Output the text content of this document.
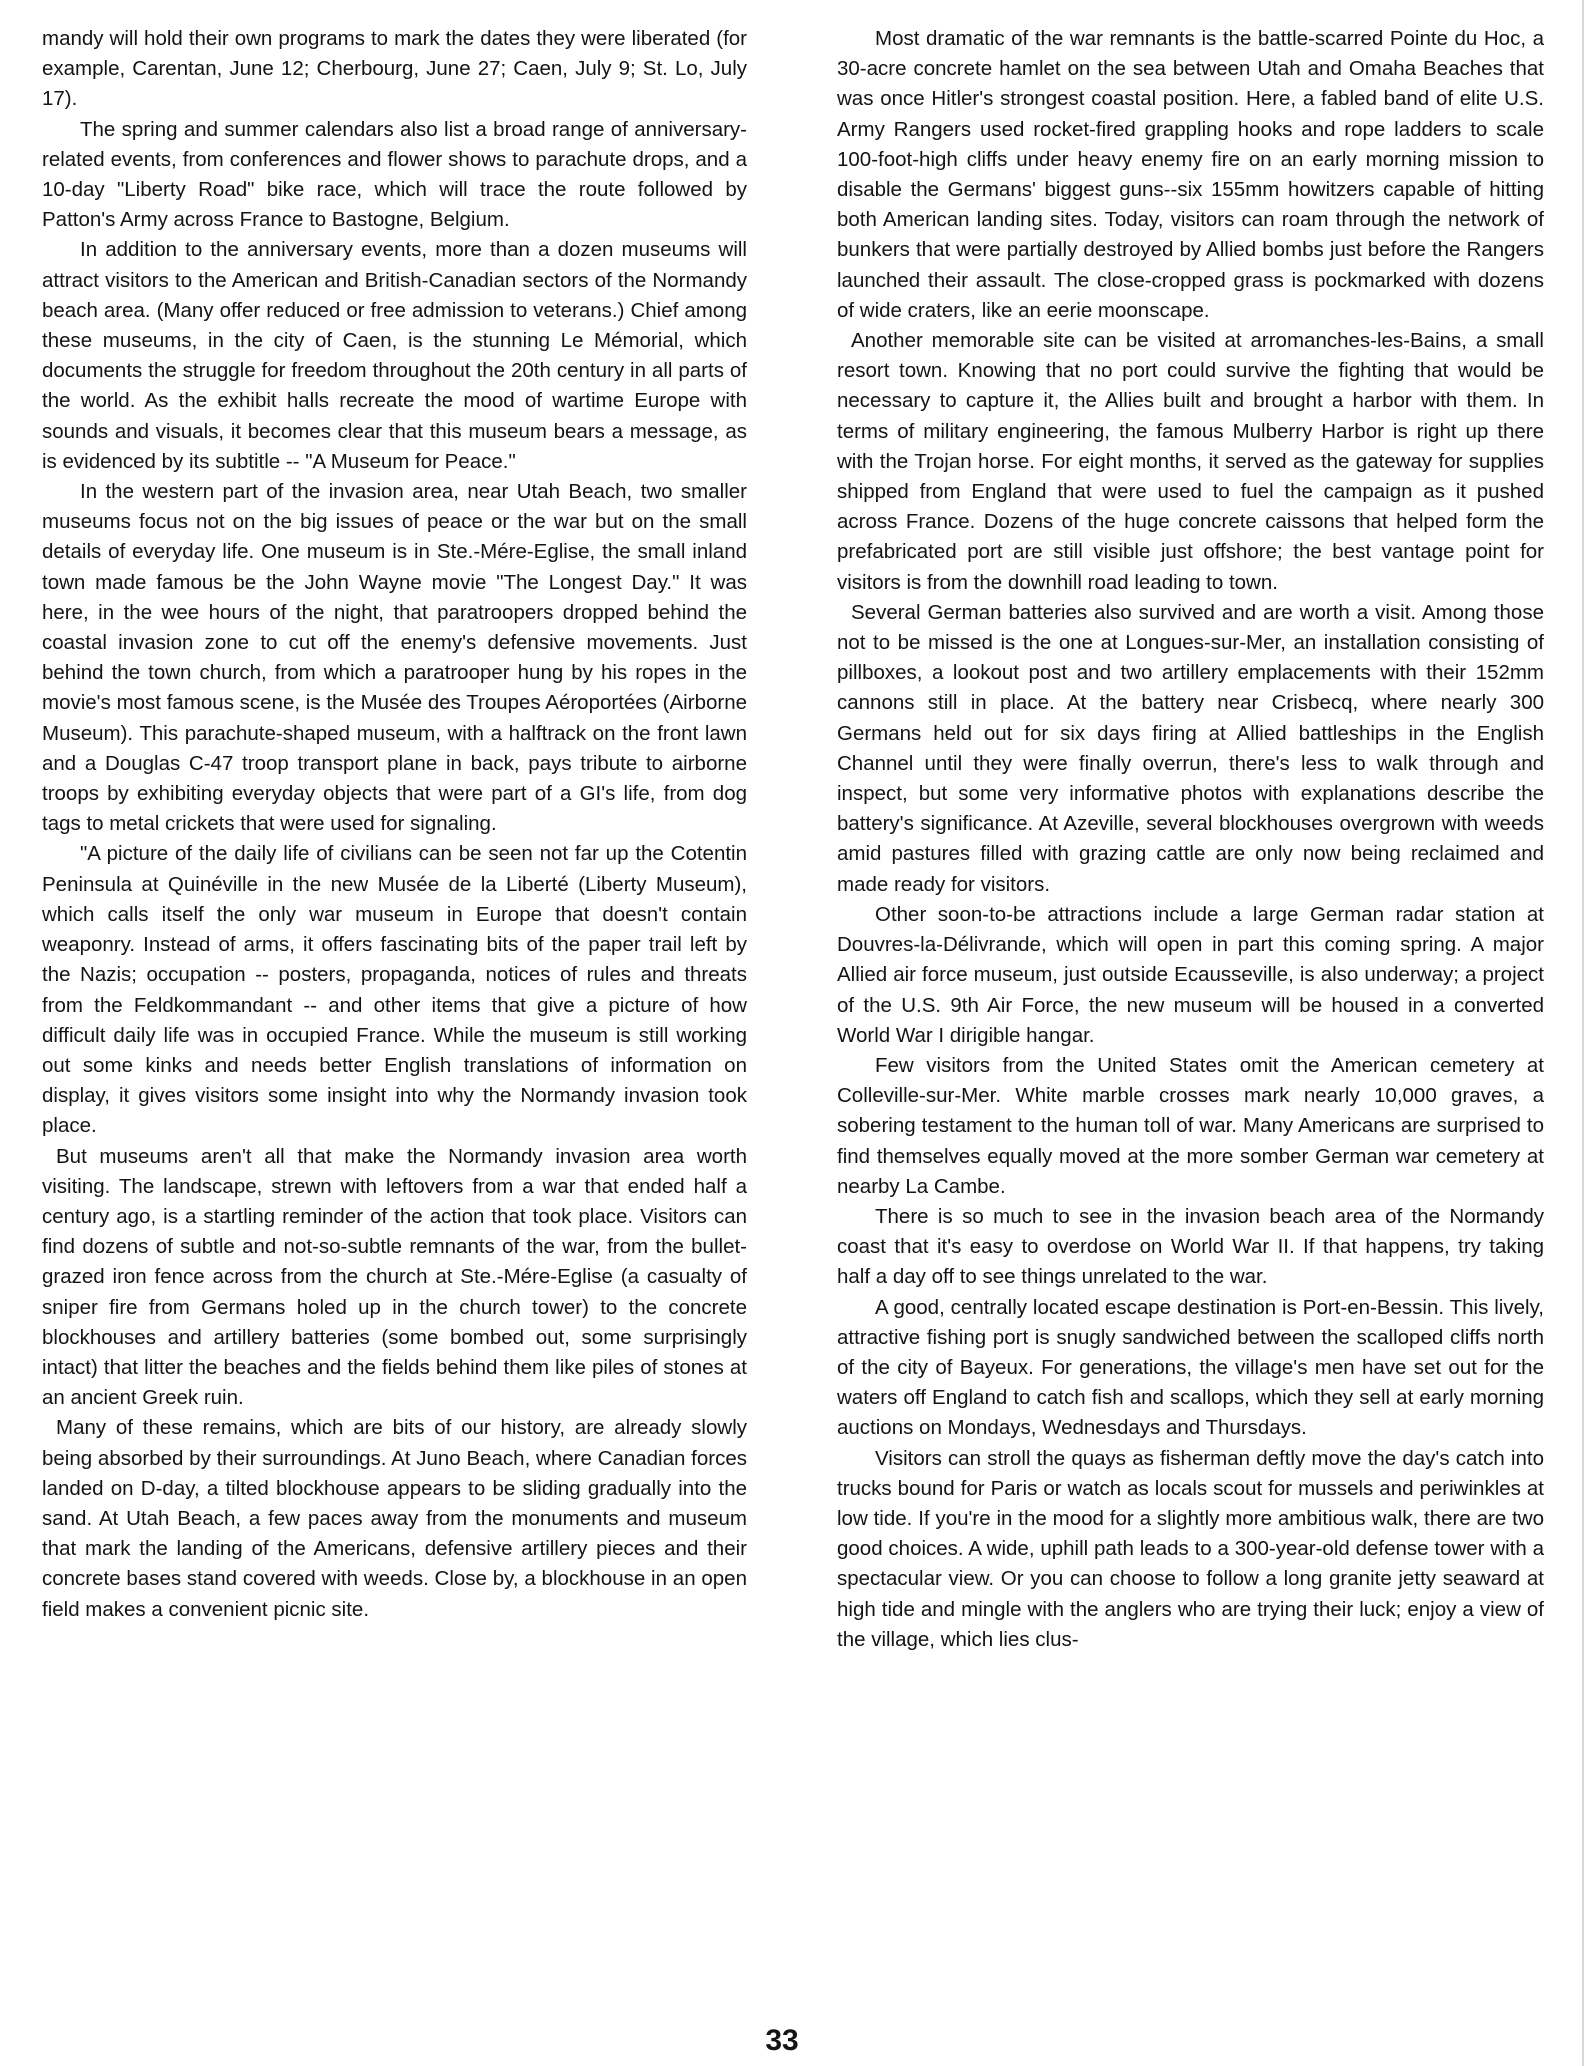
mandy will hold their own programs to mark the dates they were liberated (for example, Carentan, June 12; Cherbourg, June 27; Caen, July 9; St. Lo, July 17).

The spring and summer calendars also list a broad range of anniversary-related events, from conferences and flower shows to parachute drops, and a 10-day "Liberty Road" bike race, which will trace the route followed by Patton's Army across France to Bastogne, Belgium.

In addition to the anniversary events, more than a dozen museums will attract visitors to the American and British-Canadian sectors of the Normandy beach area. (Many offer reduced or free admission to veterans.) Chief among these museums, in the city of Caen, is the stunning Le Mémorial, which documents the struggle for freedom throughout the 20th century in all parts of the world. As the exhibit halls recreate the mood of wartime Europe with sounds and visuals, it becomes clear that this museum bears a message, as is evidenced by its subtitle -- "A Museum for Peace."

In the western part of the invasion area, near Utah Beach, two smaller museums focus not on the big issues of peace or the war but on the small details of everyday life. One museum is in Ste.-Mére-Eglise, the small inland town made famous be the John Wayne movie "The Longest Day." It was here, in the wee hours of the night, that paratroopers dropped behind the coastal invasion zone to cut off the enemy's defensive movements. Just behind the town church, from which a paratrooper hung by his ropes in the movie's most famous scene, is the Musée des Troupes Aéroportées (Airborne Museum). This parachute-shaped museum, with a halftrack on the front lawn and a Douglas C-47 troop transport plane in back, pays tribute to airborne troops by exhibiting everyday objects that were part of a GI's life, from dog tags to metal crickets that were used for signaling.

"A picture of the daily life of civilians can be seen not far up the Cotentin Peninsula at Quinéville in the new Musée de la Liberté (Liberty Museum), which calls itself the only war museum in Europe that doesn't contain weaponry. Instead of arms, it offers fascinating bits of the paper trail left by the Nazis; occupation -- posters, propaganda, notices of rules and threats from the Feldkommandant -- and other items that give a picture of how difficult daily life was in occupied France. While the museum is still working out some kinks and needs better English translations of information on display, it gives visitors some insight into why the Normandy invasion took place.

But museums aren't all that make the Normandy invasion area worth visiting. The landscape, strewn with leftovers from a war that ended half a century ago, is a startling reminder of the action that took place. Visitors can find dozens of subtle and not-so-subtle remnants of the war, from the bullet-grazed iron fence across from the church at Ste.-Mére-Eglise (a casualty of sniper fire from Germans holed up in the church tower) to the concrete blockhouses and artillery batteries (some bombed out, some surprisingly intact) that litter the beaches and the fields behind them like piles of stones at an ancient Greek ruin.

Many of these remains, which are bits of our history, are already slowly being absorbed by their surroundings. At Juno Beach, where Canadian forces landed on D-day, a tilted blockhouse appears to be sliding gradually into the sand. At Utah Beach, a few paces away from the monuments and museum that mark the landing of the Americans, defensive artillery pieces and their concrete bases stand covered with weeds. Close by, a blockhouse in an open field makes a convenient picnic site.

Most dramatic of the war remnants is the battle-scarred Pointe du Hoc, a 30-acre concrete hamlet on the sea between Utah and Omaha Beaches that was once Hitler's strongest coastal position. Here, a fabled band of elite U.S. Army Rangers used rocket-fired grappling hooks and rope ladders to scale 100-foot-high cliffs under heavy enemy fire on an early morning mission to disable the Germans' biggest guns--six 155mm howitzers capable of hitting both American landing sites. Today, visitors can roam through the network of bunkers that were partially destroyed by Allied bombs just before the Rangers launched their assault. The close-cropped grass is pockmarked with dozens of wide craters, like an eerie moonscape.

Another memorable site can be visited at arromanches-les-Bains, a small resort town. Knowing that no port could survive the fighting that would be necessary to capture it, the Allies built and brought a harbor with them. In terms of military engineering, the famous Mulberry Harbor is right up there with the Trojan horse. For eight months, it served as the gateway for supplies shipped from England that were used to fuel the campaign as it pushed across France. Dozens of the huge concrete caissons that helped form the prefabricated port are still visible just offshore; the best vantage point for visitors is from the downhill road leading to town.

Several German batteries also survived and are worth a visit. Among those not to be missed is the one at Longues-sur-Mer, an installation consisting of pillboxes, a lookout post and two artillery emplacements with their 152mm cannons still in place. At the battery near Crisbecq, where nearly 300 Germans held out for six days firing at Allied battleships in the English Channel until they were finally overrun, there's less to walk through and inspect, but some very informative photos with explanations describe the battery's significance. At Azeville, several blockhouses overgrown with weeds amid pastures filled with grazing cattle are only now being reclaimed and made ready for visitors.

Other soon-to-be attractions include a large German radar station at Douvres-la-Délivrande, which will open in part this coming spring. A major Allied air force museum, just outside Ecausseville, is also underway; a project of the U.S. 9th Air Force, the new museum will be housed in a converted World War I dirigible hangar.

Few visitors from the United States omit the American cemetery at Colleville-sur-Mer. White marble crosses mark nearly 10,000 graves, a sobering testament to the human toll of war. Many Americans are surprised to find themselves equally moved at the more somber German war cemetery at nearby La Cambe.

There is so much to see in the invasion beach area of the Normandy coast that it's easy to overdose on World War II. If that happens, try taking half a day off to see things unrelated to the war.

A good, centrally located escape destination is Port-en-Bessin. This lively, attractive fishing port is snugly sandwiched between the scalloped cliffs north of the city of Bayeux. For generations, the village's men have set out for the waters off England to catch fish and scallops, which they sell at early morning auctions on Mondays, Wednesdays and Thursdays.

Visitors can stroll the quays as fisherman deftly move the day's catch into trucks bound for Paris or watch as locals scout for mussels and periwinkles at low tide. If you're in the mood for a slightly more ambitious walk, there are two good choices. A wide, uphill path leads to a 300-year-old defense tower with a spectacular view. Or you can choose to follow a long granite jetty seaward at high tide and mingle with the anglers who are trying their luck; enjoy a view of the village, which lies clus-

33
